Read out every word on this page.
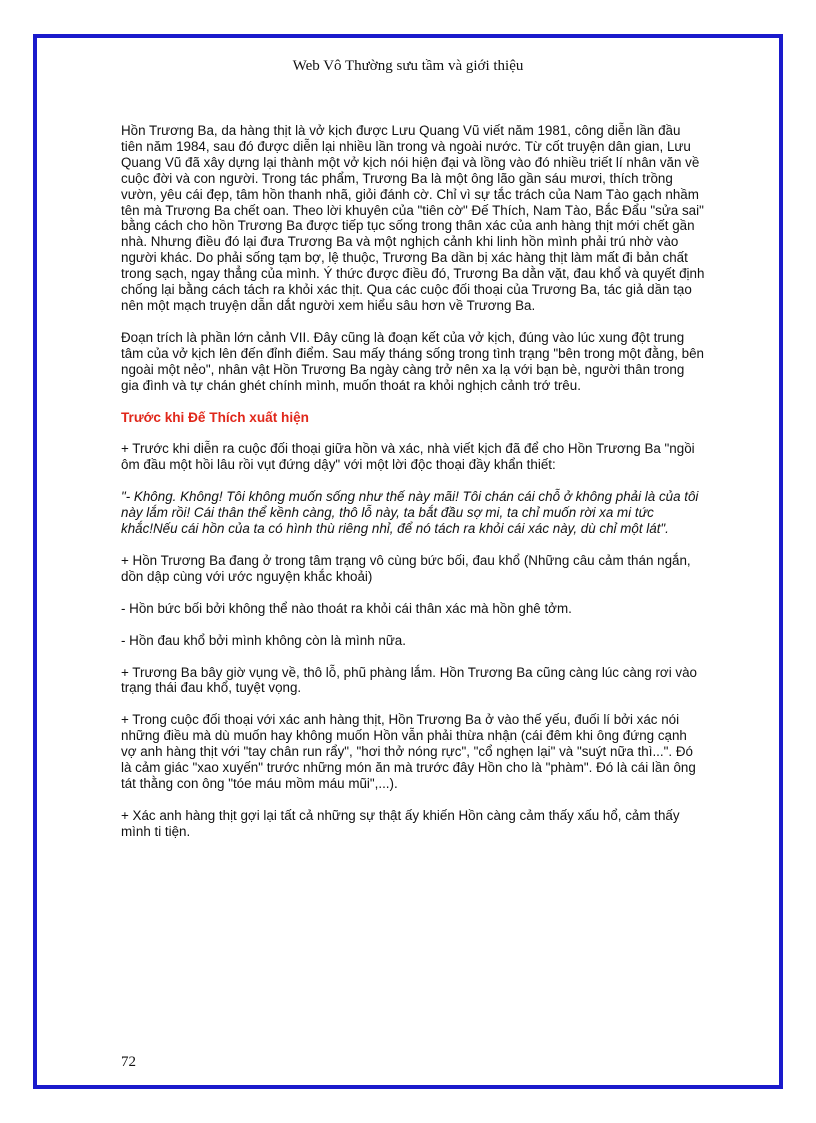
Web Vô Thường sưu tầm và giới thiệu

Hồn Trương Ba, da hàng thịt là vở kịch được Lưu Quang Vũ viết năm 1981, công diễn lần đầu tiên năm 1984, sau đó được diễn lại nhiều lần trong và ngoài nước. Từ cốt truyện dân gian, Lưu Quang Vũ đã xây dựng lại thành một vở kịch nói hiện đại và lồng vào đó nhiều triết lí nhân văn về cuộc đời và con người. Trong tác phẩm, Trương Ba là một ông lão gần sáu mươi, thích trồng vườn, yêu cái đẹp, tâm hồn thanh nhã, giỏi đánh cờ. Chỉ vì sự tắc trách của Nam Tào gạch nhầm tên mà Trương Ba chết oan. Theo lời khuyên của "tiên cờ" Đế Thích, Nam Tào, Bắc Đẩu "sửa sai" bằng cách cho hồn Trương Ba được tiếp tục sống trong thân xác của anh hàng thịt mới chết gần nhà. Nhưng điều đó lại đưa Trương Ba và một nghịch cảnh khi linh hồn mình phải trú nhờ vào người khác. Do phải sống tạm bợ, lệ thuộc, Trương Ba dần bị xác hàng thịt làm mất đi bản chất trong sạch, ngay thẳng của mình. Ý thức được điều đó, Trương Ba dằn vặt, đau khổ và quyết định chống lại bằng cách tách ra khỏi xác thịt. Qua các cuộc đối thoại của Trương Ba, tác giả dần tạo nên một mạch truyện dẫn dắt người xem hiểu sâu hơn về Trương Ba.

Đoạn trích là phần lớn cảnh VII. Đây cũng là đoạn kết của vở kịch, đúng vào lúc xung đột trung tâm của vở kịch lên đến đỉnh điểm. Sau mấy tháng sống trong tình trạng "bên trong một đằng, bên ngoài một nẻo", nhân vật Hồn Trương Ba ngày càng trở nên xa lạ với bạn bè, người thân trong gia đình và tự chán ghét chính mình, muốn thoát ra khỏi nghịch cảnh trớ trêu.

Trước khi Đế Thích xuất hiện

+ Trước khi diễn ra cuộc đối thoại giữa hồn và xác, nhà viết kịch đã để cho Hồn Trương Ba "ngồi ôm đầu một hồi lâu rồi vụt đứng dậy" với một lời độc thoại đầy khẩn thiết:

"- Không. Không! Tôi không muốn sống như thế này mãi! Tôi chán cái chỗ ở không phải là của tôi này lắm rồi! Cái thân thể kềnh càng, thô lỗ này, ta bắt đầu sợ mi, ta chỉ muốn rời xa mi tức khắc!Nếu cái hồn của ta có hình thù riêng nhỉ, để nó tách ra khỏi cái xác này, dù chỉ một lát".

+ Hồn Trương Ba đang ở trong tâm trạng vô cùng bức bối, đau khổ (Những câu cảm thán ngắn, dồn dập cùng với ước nguyện khắc khoải)

- Hồn bức bối bởi không thể nào thoát ra khỏi cái thân xác mà hồn ghê tởm.

- Hồn đau khổ bởi mình không còn là mình nữa.

+ Trương Ba bây giờ vụng về, thô lỗ, phũ phàng lắm. Hồn Trương Ba cũng càng lúc càng rơi vào trạng thái đau khổ, tuyệt vọng.

+ Trong cuộc đối thoại với xác anh hàng thịt, Hồn Trương Ba ở vào thế yếu, đuối lí bởi xác nói những điều mà dù muốn hay không muốn Hồn vẫn phải thừa nhận (cái đêm khi ông đứng cạnh vợ anh hàng thịt với "tay chân run rẩy", "hơi thở nóng rực", "cổ nghẹn lại" và "suýt nữa thì...". Đó là cảm giác "xao xuyến" trước những món ăn mà trước đây Hồn cho là "phàm". Đó là cái lần ông tát thằng con ông "tóe máu mồm máu mũi",...).

+ Xác anh hàng thịt gợi lại tất cả những sự thật ấy khiến Hồn càng cảm thấy xấu hổ, cảm thấy mình ti tiện.

72
